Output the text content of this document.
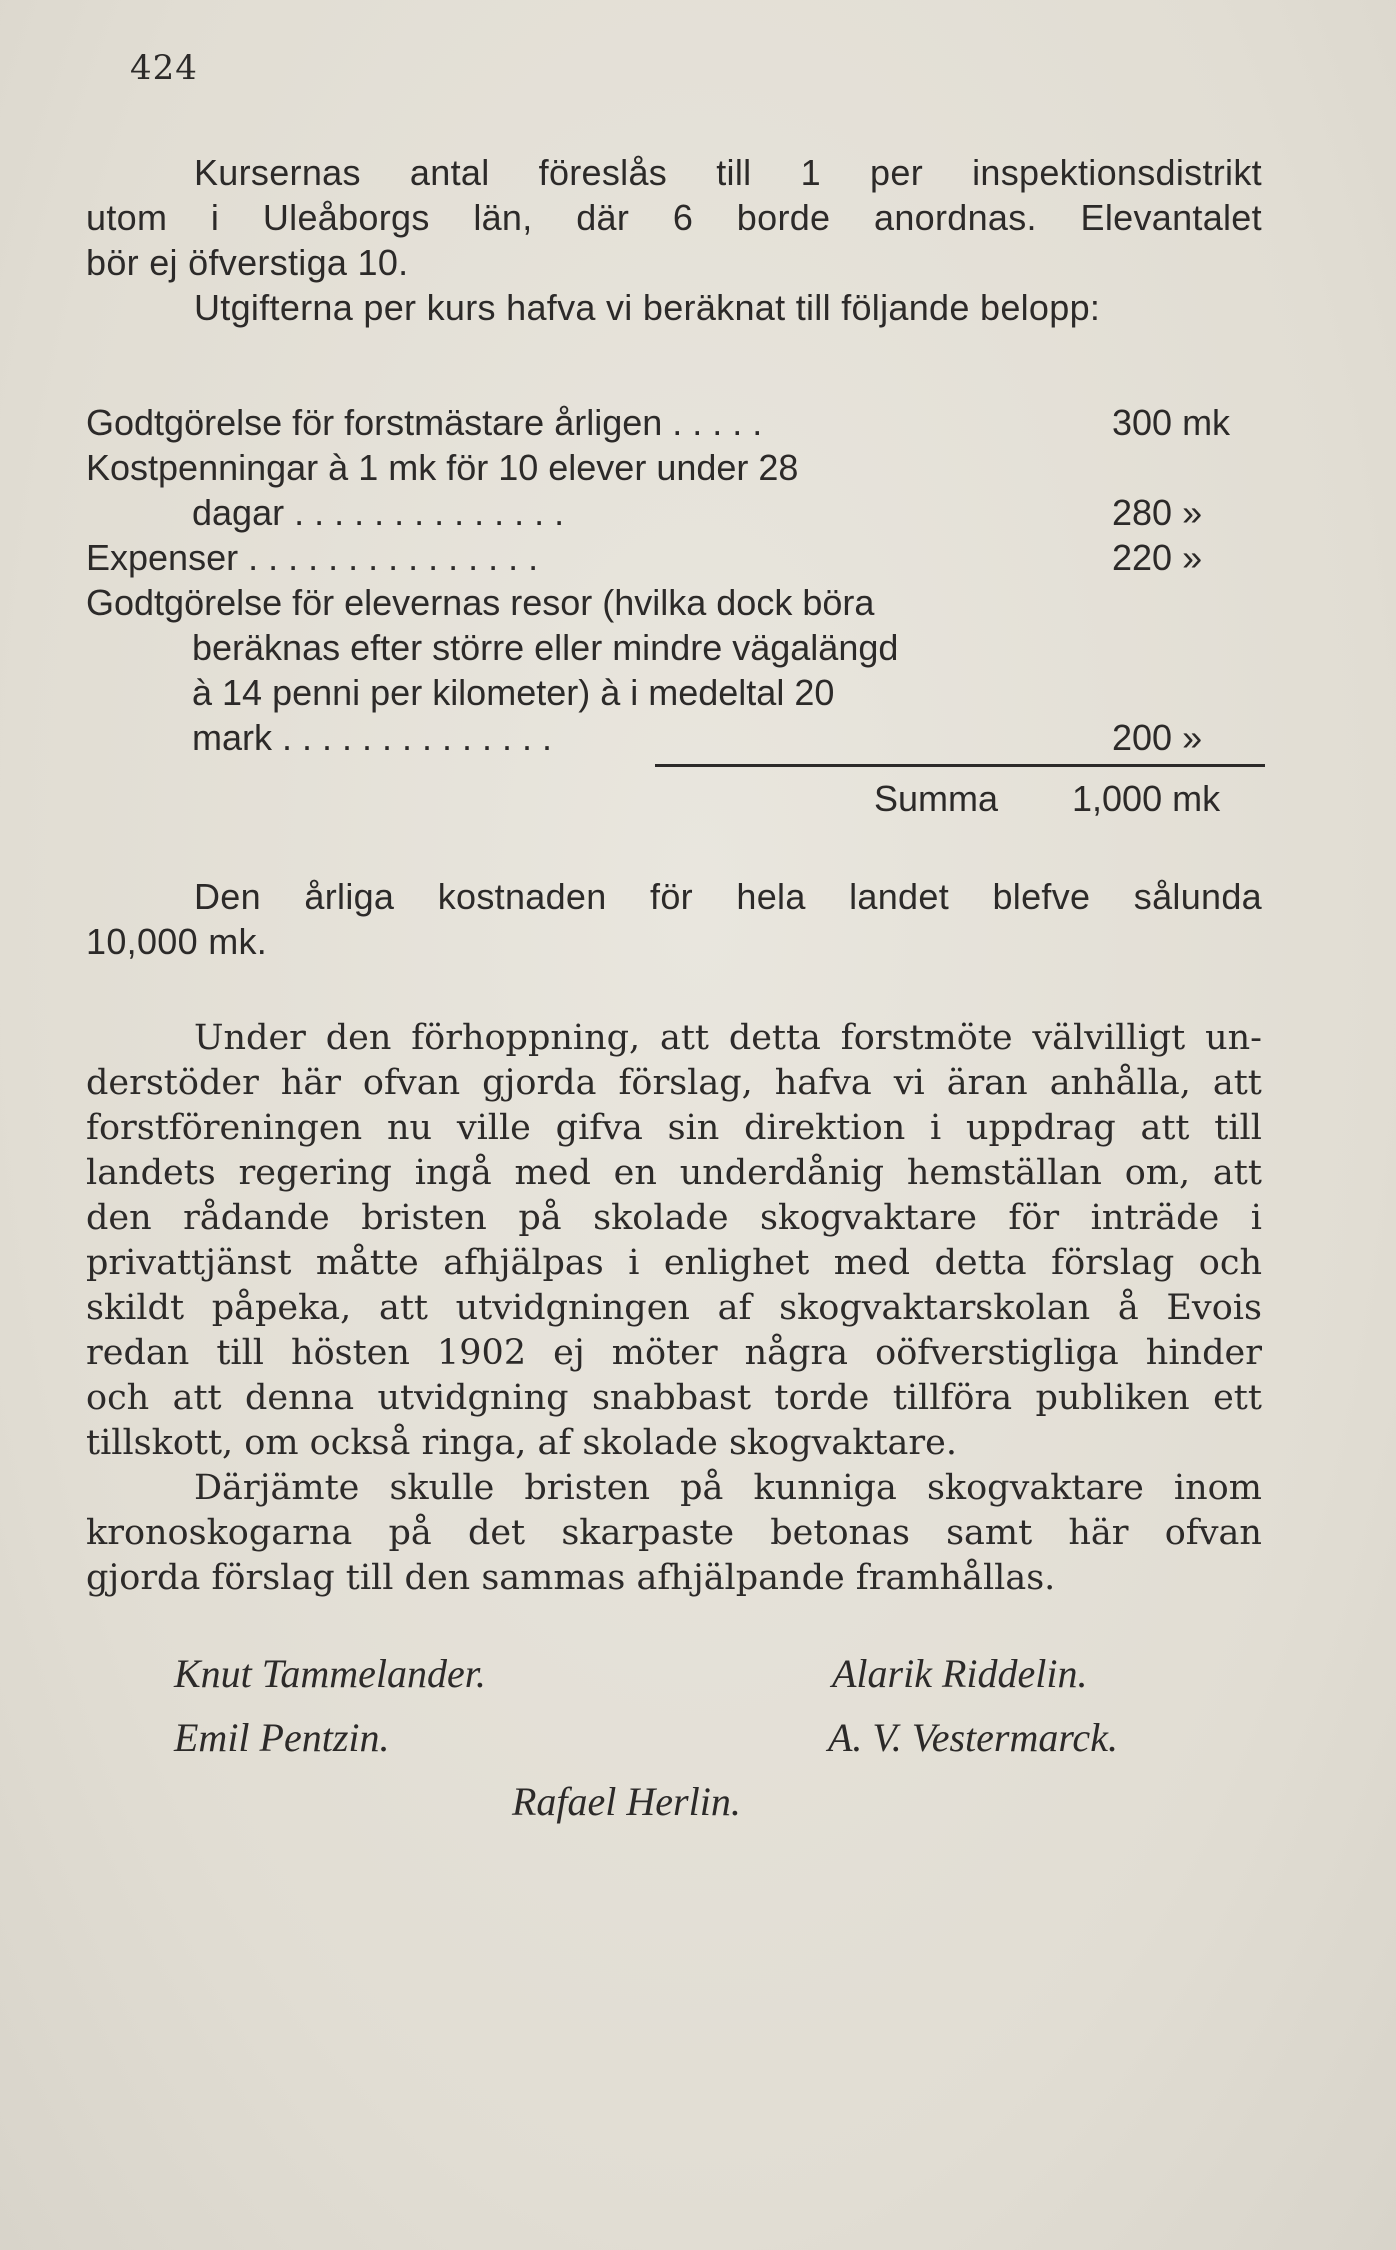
424
Kursernas antal föreslås till 1 per inspektionsdistrikt
utom i Uleåborgs län, där 6 borde anordnas. Elevantalet
bör ej öfverstiga 10.
Utgifterna per kurs hafva vi beräknat till följande belopp:
Godtgörelse för forstmästare årligen . . . . .	300 mk
Kostpenningar à 1 mk för 10 elever under 28
dagar . . . . . . . . . . . . . .	280 »
Expenser . . . . . . . . . . . . . . .	220 »
Godtgörelse för elevernas resor (hvilka dock böra
beräknas efter större eller mindre vägalängd
à 14 penni per kilometer) à i medeltal 20
mark . . . . . . . . . . . . . .	200 »
Summa 1,000 mk
Den årliga kostnaden för hela landet blefve sålunda
10,000 mk.
Under den förhoppning, att detta forstmöte välvilligt un-
derstöder här ofvan gjorda förslag, hafva vi äran anhålla, att
forstföreningen nu ville gifva sin direktion i uppdrag att till
landets regering ingå med en underdånig hemställan om, att
den rådande bristen på skolade skogvaktare för inträde i
privattjänst måtte afhjälpas i enlighet med detta förslag och
skildt påpeka, att utvidgningen af skogvaktarskolan å Evois
redan till hösten 1902 ej möter några oöfverstigliga hinder
och att denna utvidgning snabbast torde tillföra publiken ett
tillskott, om också ringa, af skolade skogvaktare.
Därjämte skulle bristen på kunniga skogvaktare inom
kronoskogarna på det skarpaste betonas samt här ofvan
gjorda förslag till den sammas afhjälpande framhållas.
Knut Tammelander.	Alarik Riddelin.
Emil Pentzin.	A. V. Vestermarck.
Rafael Herlin.
